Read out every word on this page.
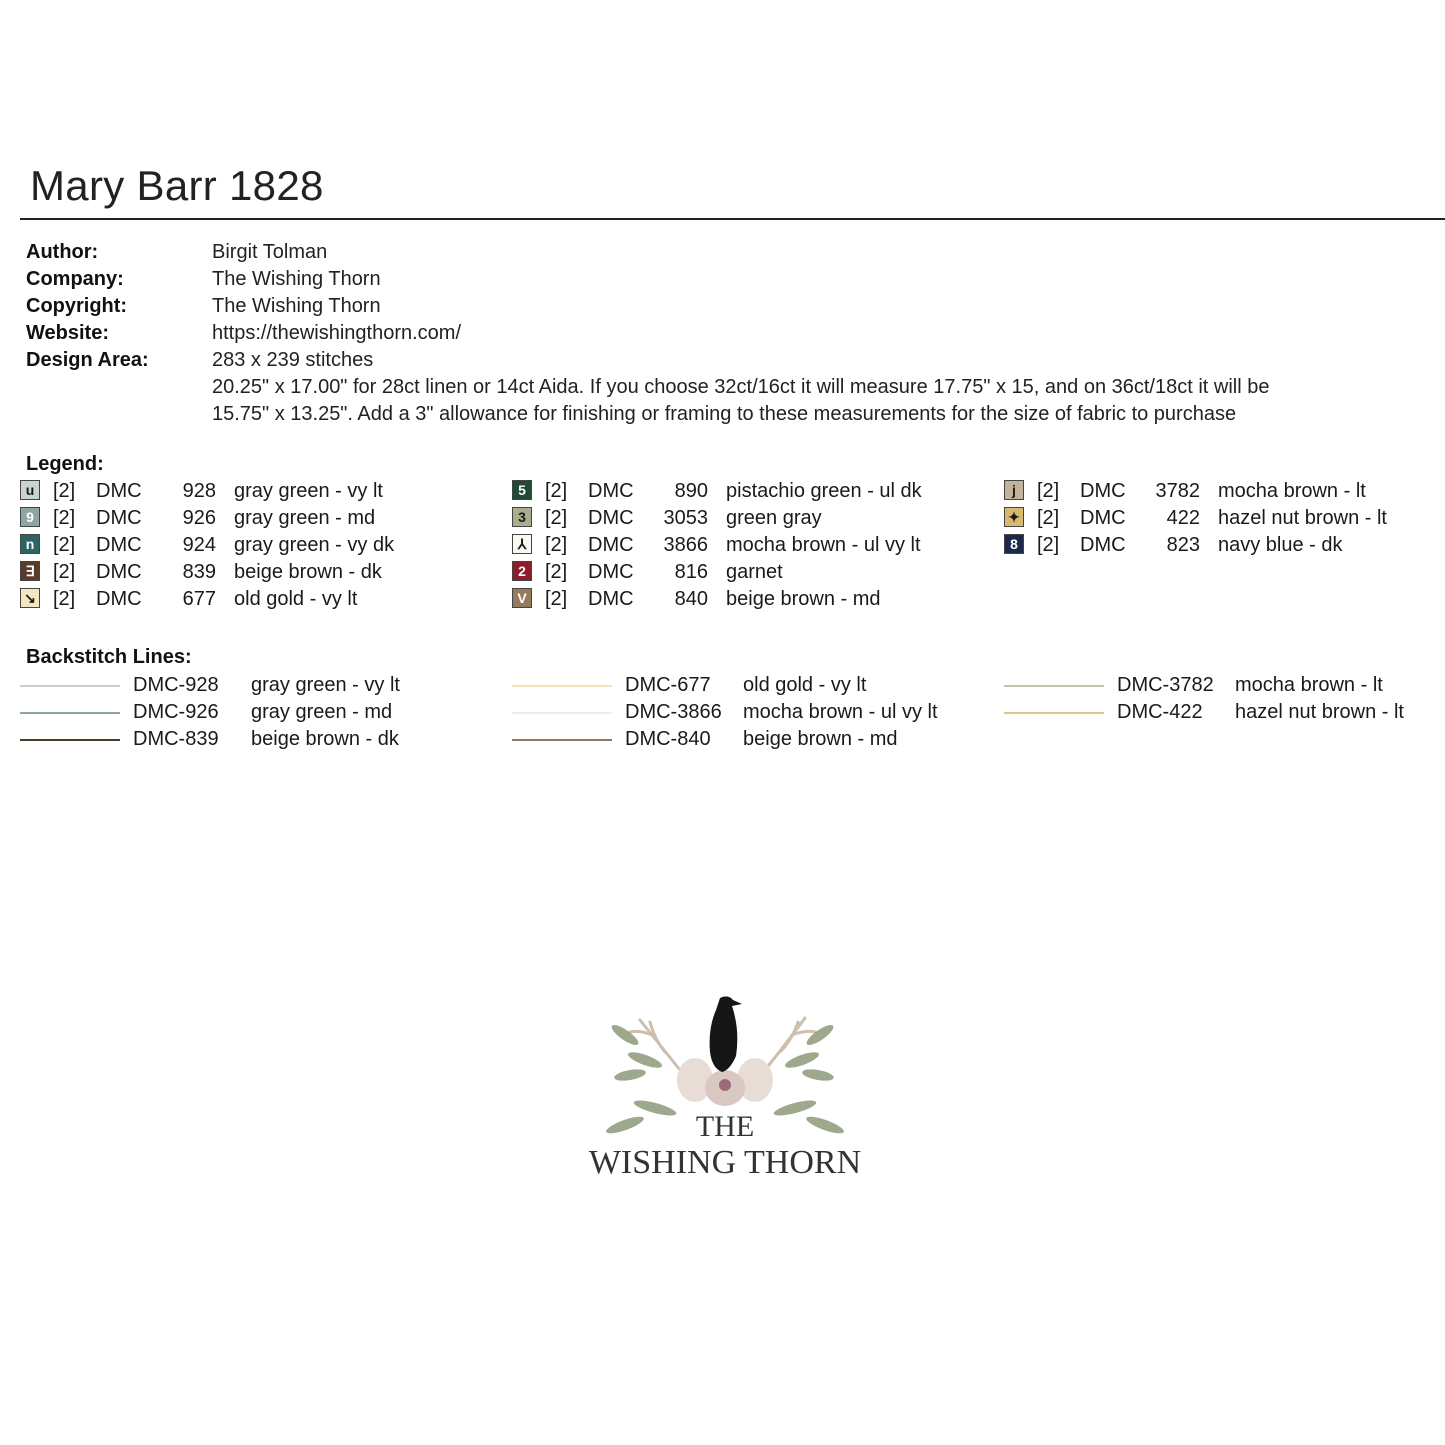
Mary Barr 1828
Author:	Birgit Tolman
Company:	The Wishing Thorn
Copyright:	The Wishing Thorn
Website:	https://thewishingthorn.com/
Design Area:	283 x 239 stitches
20.25" x 17.00" for 28ct linen or 14ct Aida. If you choose 32ct/16ct it will measure 17.75" x 15, and on 36ct/18ct it will be
15.75" x 13.25". Add a 3" allowance for finishing or framing to these measurements for the size of fabric to purchase
Legend:
u [2] DMC	928 gray green - vy lt
9 [2] DMC	926 gray green - md
n [2] DMC	924 gray green - vy dk
∃ [2] DMC	839 beige brown - dk
↘ [2] DMC	677 old gold - vy lt
5 [2] DMC	890 pistachio green - ul dk
3 [2] DMC 3053 green gray
⅄ [2] DMC 3866 mocha brown - ul vy lt
2 [2] DMC	816 garnet
V [2] DMC	840 beige brown - md
j	[2] DMC 3782 mocha brown - lt
✦ [2] DMC	422 hazel nut brown - lt
8 [2] DMC	823 navy blue - dk
Backstitch Lines:
DMC-928 gray green - vy lt
DMC-926 gray green - md
DMC-839 beige brown - dk
DMC-677 old gold - vy lt
DMC-3866 mocha brown - ul vy lt
DMC-840 beige brown - md
DMC-3782 mocha brown - lt
DMC-422 hazel nut brown - lt
THE
WISHING THORN
